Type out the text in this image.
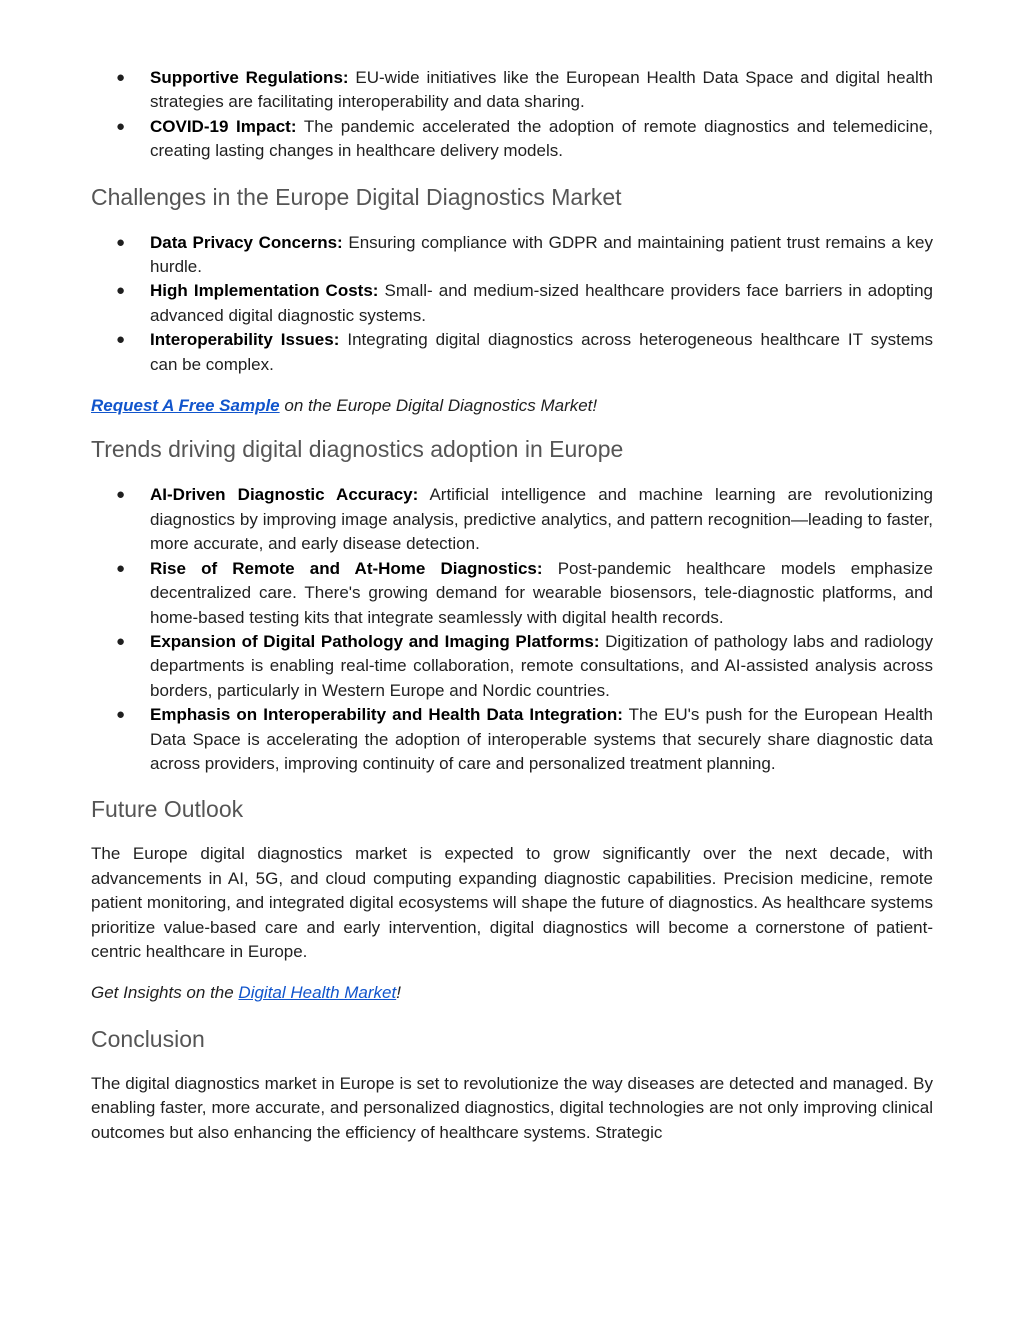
● Supportive Regulations: EU-wide initiatives like the European Health Data Space and digital health strategies are facilitating interoperability and data sharing.
● COVID-19 Impact: The pandemic accelerated the adoption of remote diagnostics and telemedicine, creating lasting changes in healthcare delivery models.
Challenges in the Europe Digital Diagnostics Market
● Data Privacy Concerns: Ensuring compliance with GDPR and maintaining patient trust remains a key hurdle.
● High Implementation Costs: Small- and medium-sized healthcare providers face barriers in adopting advanced digital diagnostic systems.
● Interoperability Issues: Integrating digital diagnostics across heterogeneous healthcare IT systems can be complex.

Request A Free Sample on the Europe Digital Diagnostics Market!

Trends driving digital diagnostics adoption in Europe
● AI-Driven Diagnostic Accuracy: Artificial intelligence and machine learning are revolutionizing diagnostics by improving image analysis, predictive analytics, and pattern recognition—leading to faster, more accurate, and early disease detection.
● Rise of Remote and At-Home Diagnostics: Post-pandemic healthcare models emphasize decentralized care. There's growing demand for wearable biosensors, tele-diagnostic platforms, and home-based testing kits that integrate seamlessly with digital health records.
● Expansion of Digital Pathology and Imaging Platforms: Digitization of pathology labs and radiology departments is enabling real-time collaboration, remote consultations, and AI-assisted analysis across borders, particularly in Western Europe and Nordic countries.
● Emphasis on Interoperability and Health Data Integration: The EU's push for the European Health Data Space is accelerating the adoption of interoperable systems that securely share diagnostic data across providers, improving continuity of care and personalized treatment planning.
Future Outlook

The Europe digital diagnostics market is expected to grow significantly over the next decade, with advancements in AI, 5G, and cloud computing expanding diagnostic capabilities. Precision medicine, remote patient monitoring, and integrated digital ecosystems will shape the future of diagnostics. As healthcare systems prioritize value-based care and early intervention, digital diagnostics will become a cornerstone of patient-centric healthcare in Europe.

Get Insights on the Digital Health Market!

Conclusion

The digital diagnostics market in Europe is set to revolutionize the way diseases are detected and managed. By enabling faster, more accurate, and personalized diagnostics, digital technologies are not only improving clinical outcomes but also enhancing the efficiency of healthcare systems. Strategic
